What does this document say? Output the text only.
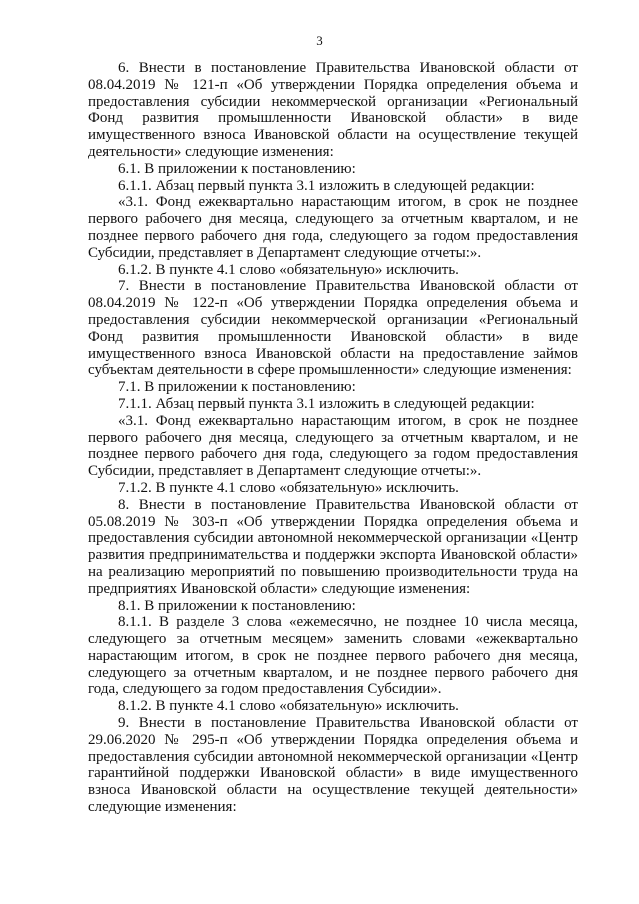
3

6. Внести в постановление Правительства Ивановской области от 08.04.2019 № 121-п «Об утверждении Порядка определения объема и предоставления субсидии некоммерческой организации «Региональный Фонд развития промышленности Ивановской области» в виде имущественного взноса Ивановской области на осуществление текущей деятельности» следующие изменения:

6.1. В приложении к постановлению:

6.1.1. Абзац первый пункта 3.1 изложить в следующей редакции:

«3.1. Фонд ежеквартально нарастающим итогом, в срок не позднее первого рабочего дня месяца, следующего за отчетным кварталом, и не позднее первого рабочего дня года, следующего за годом предоставления Субсидии, представляет в Департамент следующие отчеты:».

6.1.2. В пункте 4.1 слово «обязательную» исключить.

7. Внести в постановление Правительства Ивановской области от 08.04.2019 № 122-п «Об утверждении Порядка определения объема и предоставления субсидии некоммерческой организации «Региональный Фонд развития промышленности Ивановской области» в виде имущественного взноса Ивановской области на предоставление займов субъектам деятельности в сфере промышленности» следующие изменения:

7.1. В приложении к постановлению:

7.1.1. Абзац первый пункта 3.1 изложить в следующей редакции:

«3.1. Фонд ежеквартально нарастающим итогом, в срок не позднее первого рабочего дня месяца, следующего за отчетным кварталом, и не позднее первого рабочего дня года, следующего за годом предоставления Субсидии, представляет в Департамент следующие отчеты:».

7.1.2. В пункте 4.1 слово «обязательную» исключить.

8. Внести в постановление Правительства Ивановской области от 05.08.2019 № 303-п «Об утверждении Порядка определения объема и предоставления субсидии автономной некоммерческой организации «Центр развития предпринимательства и поддержки экспорта Ивановской области» на реализацию мероприятий по повышению производительности труда на предприятиях Ивановской области» следующие изменения:

8.1. В приложении к постановлению:

8.1.1. В разделе 3 слова «ежемесячно, не позднее 10 числа месяца, следующего за отчетным месяцем» заменить словами «ежеквартально нарастающим итогом, в срок не позднее первого рабочего дня месяца, следующего за отчетным кварталом, и не позднее первого рабочего дня года, следующего за годом предоставления Субсидии».

8.1.2. В пункте 4.1 слово «обязательную» исключить.

9. Внести в постановление Правительства Ивановской области от 29.06.2020 № 295-п «Об утверждении Порядка определения объема и предоставления субсидии автономной некоммерческой организации «Центр гарантийной поддержки Ивановской области» в виде имущественного взноса Ивановской области на осуществление текущей деятельности» следующие изменения:
